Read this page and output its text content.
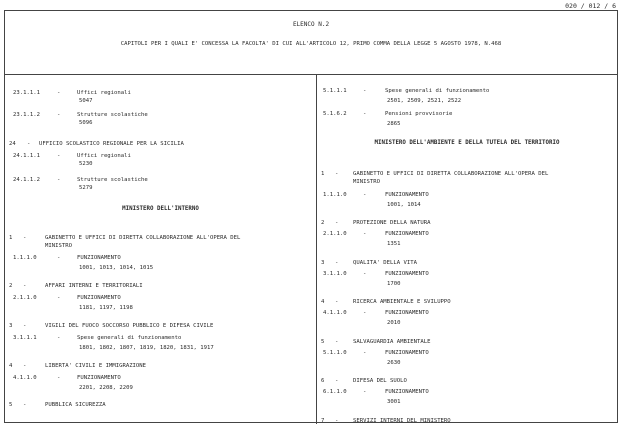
020 / 012 / 6
ELENCO N.2
CAPITOLI PER I QUALI E' CONCESSA LA FACOLTA' DI CUI ALL'ARTICOLO 12, PRIMO COMMA DELLA LEGGE 5 AGOSTO 1978, N.468
23.1.1.1	-	Uffici regionali
5047
23.1.1.2	-	Strutture scolastiche
5096
24 - UFFICIO SCOLASTICO REGIONALE PER LA SICILIA
24.1.1.1	-	Uffici regionali
5230
24.1.1.2	-	Strutture scolastiche
5279
MINISTERO DELL'INTERNO
1 -	GABINETTO E UFFICI DI DIRETTA COLLABORAZIONE ALL'OPERA DEL
MINISTRO
1.1.1.0	-	FUNZIONAMENTO
1001, 1013, 1014, 1015
2 -	AFFARI INTERNI E TERRITORIALI
2.1.1.0	-	FUNZIONAMENTO
1181, 1197, 1198
3 -	VIGILI DEL FUOCO SOCCORSO PUBBLICO E DIFESA CIVILE
3.1.1.1	-	Spese generali di funzionamento
1801, 1802, 1807, 1819, 1820, 1831, 1917
4 -	LIBERTA' CIVILI E IMMIGRAZIONE
4.1.1.0	-	FUNZIONAMENTO
2201, 2208, 2209
5 -	PUBBLICA SICUREZZA
5.1.1.1	-	Spese generali di funzionamento
2501, 2509, 2521, 2522
5.1.6.2	-	Pensioni provvisorie
2865
MINISTERO DELL'AMBIENTE E DELLA TUTELA DEL TERRITORIO
1 -	GABINETTO E UFFICI DI DIRETTA COLLABORAZIONE ALL'OPERA DEL
MINISTRO
1.1.1.0	-	FUNZIONAMENTO
1001, 1014
2 -	PROTEZIONE DELLA NATURA
2.1.1.0	-	FUNZIONAMENTO
1351
3 -	QUALITA' DELLA VITA
3.1.1.0	-	FUNZIONAMENTO
1700
4 -	RICERCA AMBIENTALE E SVILUPPO
4.1.1.0	-	FUNZIONAMENTO
2010
5 -	SALVAGUARDIA AMBIENTALE
5.1.1.0	-	FUNZIONAMENTO
2630
6 -	DIFESA DEL SUOLO
6.1.1.0	-	FUNZIONAMENTO
3001
7 -	SERVIZI INTERNI DEL MINISTERO
